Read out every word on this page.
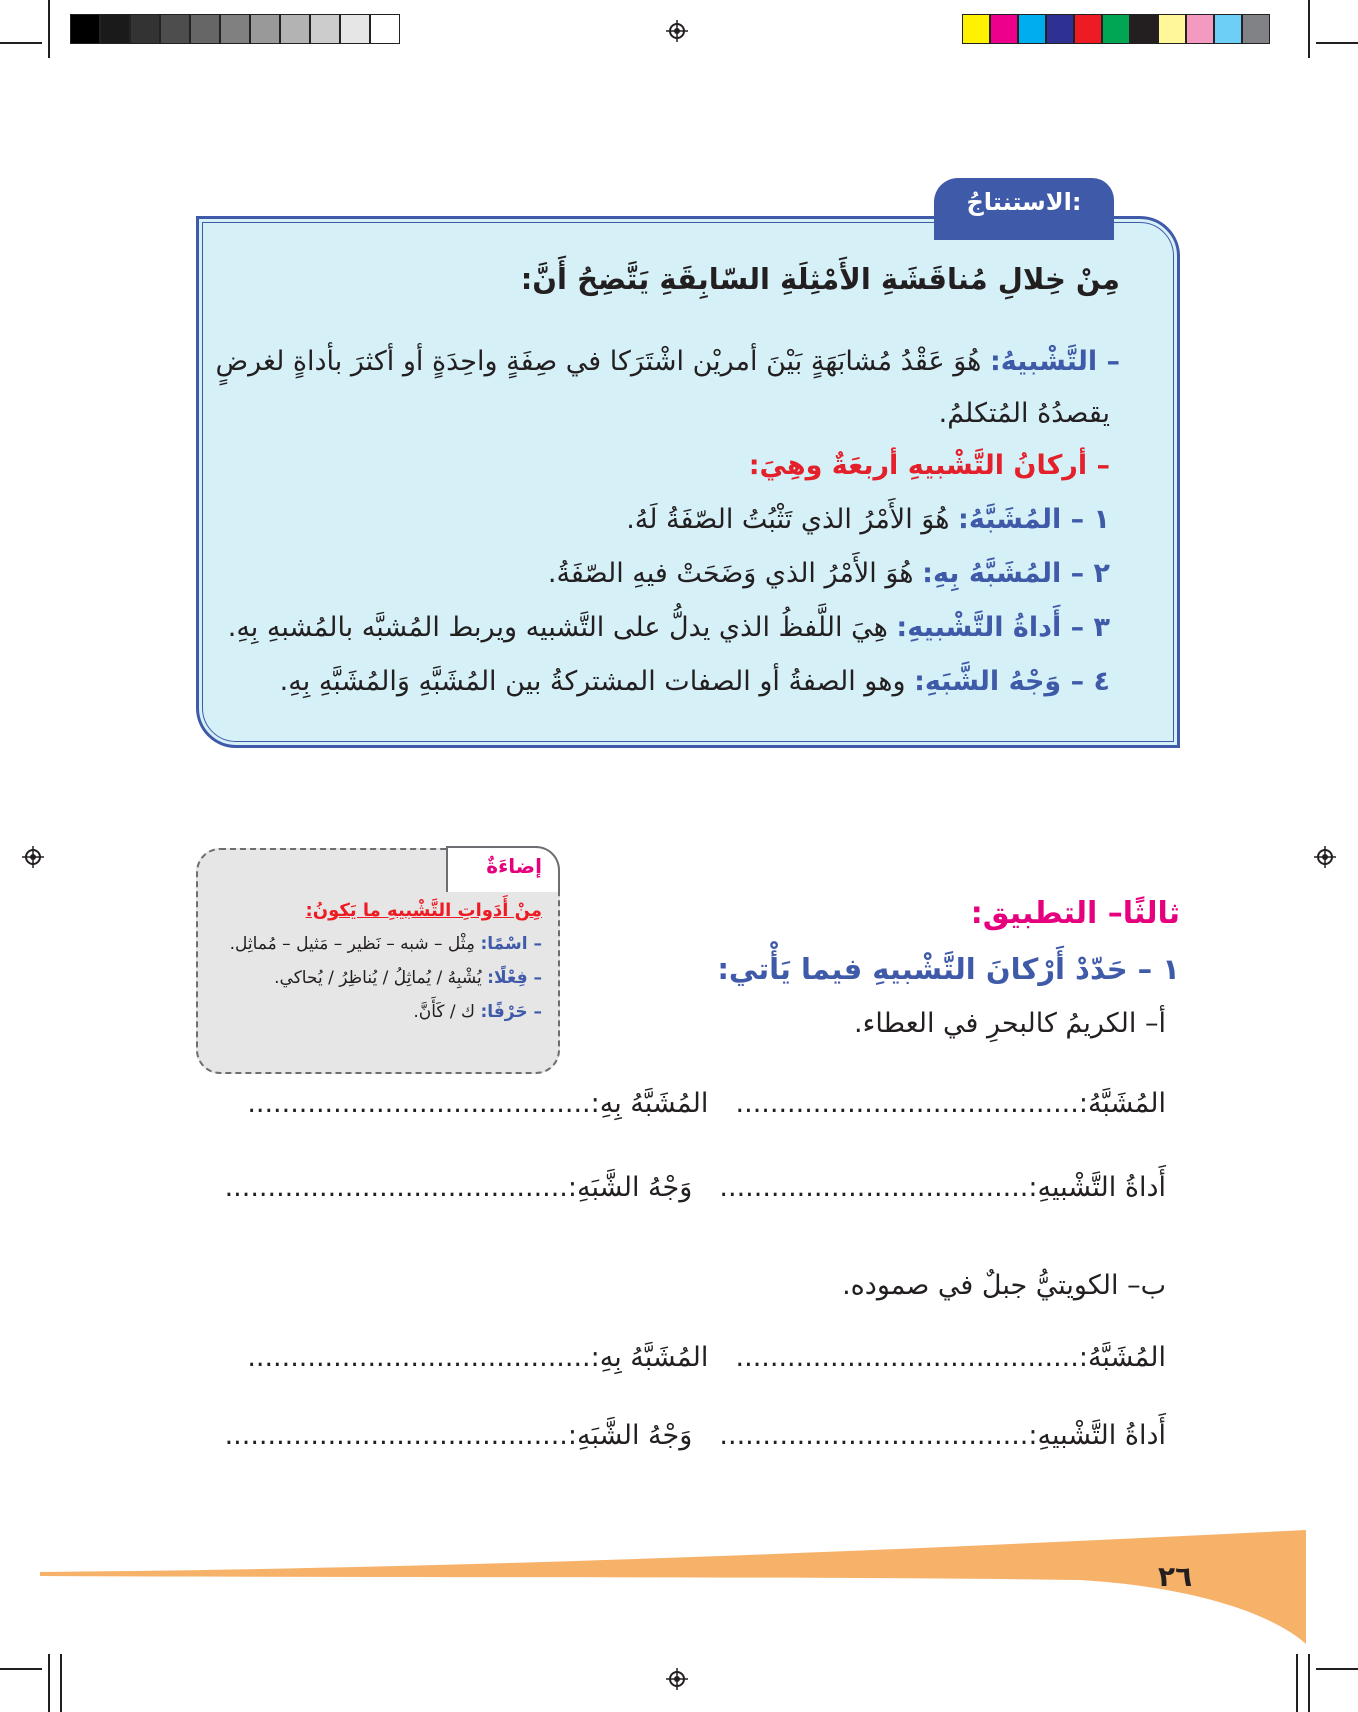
الاستنتاجُ:
مِنْ خِلالِ مُناقَشَةِ الأَمْثِلَةِ السّابِقَةِ يَتَّضِحُ أَنَّ:
– التَّشْبيهُ: هُوَ عَقْدُ مُشابَهَةٍ بَيْنَ أمريْن اشْتَرَكا في صِفَةٍ واحِدَةٍ أو أكثرَ بأداةٍ لغرضٍ
يقصدُهُ المُتكلمُ.
– أركانُ التَّشْبيهِ أربعَةٌ وهِيَ:
١ – المُشَبَّهُ: هُوَ الأَمْرُ الذي تَثْبُتُ الصّفَةُ لَهُ.
٢ – المُشَبَّهُ بِهِ: هُوَ الأَمْرُ الذي وَضَحَتْ فيهِ الصّفَةُ.
٣ – أَداةُ التَّشْبيهِ: هِيَ اللَّفظُ الذي يدلُّ على التَّشبيه ويربط المُشبَّه بالمُشبهِ بِهِ.
٤ – وَجْهُ الشَّبَهِ: وهو الصفةُ أو الصفات المشتركةُ بين المُشَبَّهِ وَالمُشَبَّهِ بِهِ.
إضاءَةٌ
مِنْ أَدَواتِ التَّشْبيهِ ما يَكونُ:
– اسْمًا: مِثْل – شبه – نَظير – مَثيل – مُماثِل.
– فِعْلًا: يُشْبِهُ / يُماثِلُ / يُناظِرُ / يُحاكي.
– حَرْفًا: ك / كَأَنَّ.
ثالثًا– التطبيق:
١ – حَدّدْ أَرْكانَ التَّشْبيهِ فيما يَأْتي:
أ– الكريمُ كالبحرِ في العطاء.
المُشَبَّهُ:........................................  المُشَبَّهُ بِهِ:........................................
أَداةُ التَّشْبيهِ:....................................  وَجْهُ الشَّبَهِ:........................................
ب– الكويتيُّ جبلٌ في صموده.
المُشَبَّهُ:........................................  المُشَبَّهُ بِهِ:........................................
أَداةُ التَّشْبيهِ:....................................  وَجْهُ الشَّبَهِ:........................................
٢٦
